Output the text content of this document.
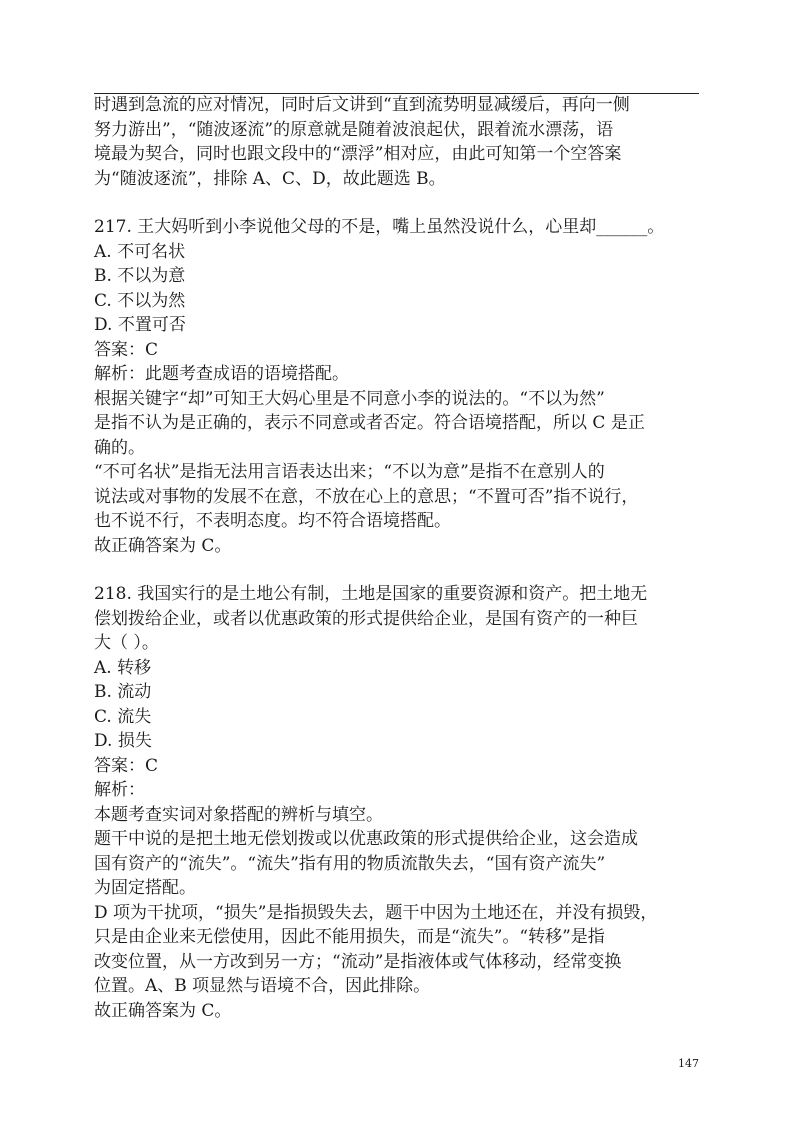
时遇到急流的应对情况，同时后文讲到“直到流势明显减缓后，再向一侧

努力游出”，“随波逐流”的原意就是随着波浪起伏，跟着流水漂荡，语

境最为契合，同时也跟文段中的“漂浮”相对应，由此可知第一个空答案

为“随波逐流”，排除 A、C、D，故此题选 B。

217. 王大妈听到小李说他父母的不是，嘴上虽然没说什么，心里却______。

A. 不可名状

B. 不以为意

C. 不以为然

D. 不置可否

答案：C

解析：此题考查成语的语境搭配。

根据关键字“却”可知王大妈心里是不同意小李的说法的。“不以为然”

是指不认为是正确的，表示不同意或者否定。符合语境搭配，所以 C 是正

确的。

“不可名状”是指无法用言语表达出来；“不以为意”是指不在意别人的

说法或对事物的发展不在意，不放在心上的意思；“不置可否”指不说行，

也不说不行，不表明态度。均不符合语境搭配。

故正确答案为 C。

218. 我国实行的是土地公有制，土地是国家的重要资源和资产。把土地无

偿划拨给企业，或者以优惠政策的形式提供给企业，是国有资产的一种巨

大（ ）。

A. 转移

B. 流动

C. 流失

D. 损失

答案：C

解析：

本题考查实词对象搭配的辨析与填空。

题干中说的是把土地无偿划拨或以优惠政策的形式提供给企业，这会造成

国有资产的“流失”。“流失”指有用的物质流散失去，“国有资产流失”

为固定搭配。

D 项为干扰项，“损失”是指损毁失去，题干中因为土地还在，并没有损毁，

只是由企业来无偿使用，因此不能用损失，而是“流失”。“转移”是指

改变位置，从一方改到另一方；“流动”是指液体或气体移动，经常变换

位置。A、B 项显然与语境不合，因此排除。

故正确答案为 C。

147
